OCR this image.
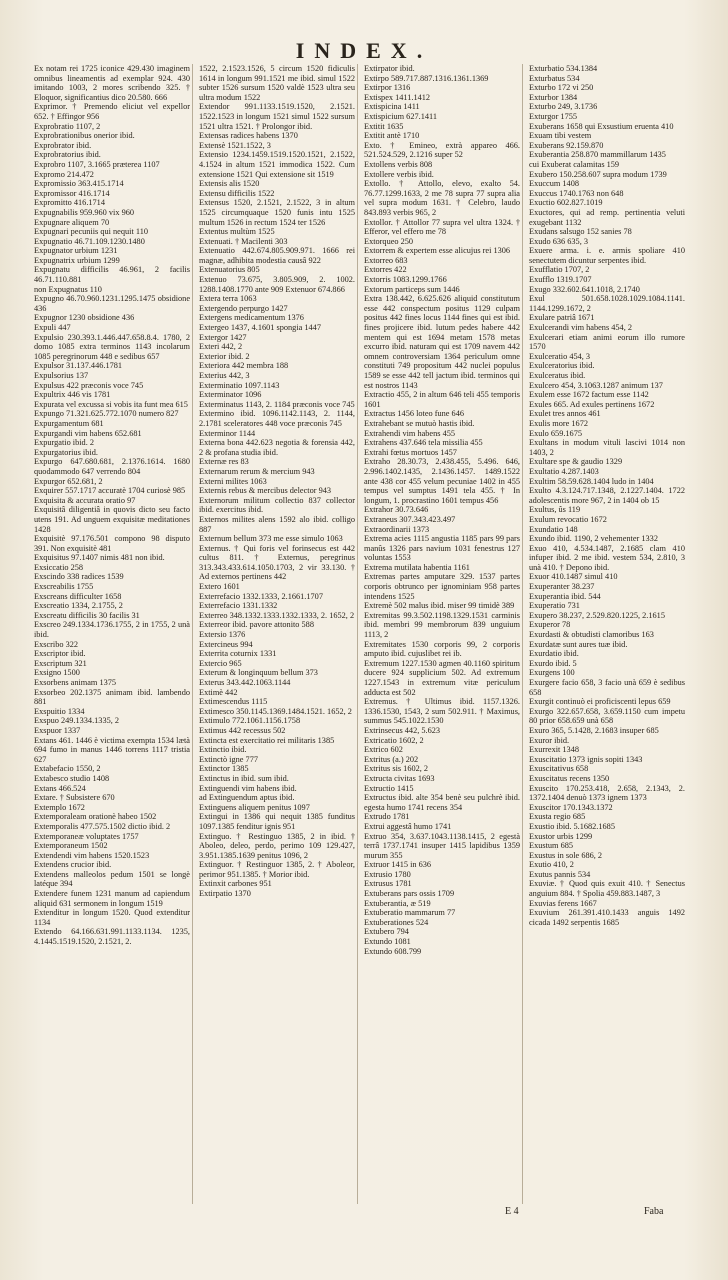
INDEX.

Ex notam rei 1725 iconice 429.430 imaginem omnibus lineamentis ad exemplar 924. 430 imitando 1003, 2 mores scribendo 325. † Eloquor, significantius dico 20.580. 666

Exprimor. † Premendo eliciut vel expellor 652. † Effingor 956

Exprobratio 1107, 2

Exprobrationibus onerior ibid.

Exprobrator ibid.

Exprobratorius ibid.

Exprobro 1107, 3.1665 præterea 1107

Expromo 214.472

Expromissio 363.415.1714

Expromissor 416.1714

Expromitto 416.1714

Expugnabilis 959.960 vix 960

Expugnare aliquem 70

Expugnari pecuniis qui nequit 110

Expugnatio 46.71.109.1230.1480

Expugnator urbium 1231

Expugnatrix urbium 1299

Expugnatu difficilis 46.961, 2 facilis 46.71.110.881

non Expugnatus 110

Expugno 46.70.960.1231.1295.1475 obsidione 436

Expugnor 1230 obsidione 436

Expuli 447

Expulsio 230.393.1.446.447.658.8.4. 1780, 2 domo 1085 extra terminos 1143 incolarum 1085 peregrinorum 448 e sedibus 657

Expulsor 31.137.446.1781

Expulsorius 137

Expulsus 422 præconis voce 745

Expultrix 446 vis 1781

Expurata vel excussa si vobis ita funt mea 615

Expungo 71.321.625.772.1070 numero 827

Expurgamentum 681

Expurgandi vim habens 652.681

Expurgatio ibid. 2

Expurgatorius ibid.

Expurgo 647.680.681, 2.1376.1614. 1680 quodammodo 647 verrendo 804

Expurgor 652.681, 2

Exquirer 557.1717 accuratè 1704 curiosè 985

Exquisita & accurata oratio 97

Exquisitâ diligentiâ in quovis dicto seu facto utens 191. Ad unguem exquisitæ meditationes 1428

Exquisitè 97.176.501 compono 98 disputo 391. Non exquisitè 481

Exquisitus 97.1407 nimis 481 non ibid.

Exsiccatio 258

Exscindo 338 radices 1539

Exscreabilis 1755

Exscreans difficulter 1658

Exscreatio 1334, 2.1755, 2

Exscreatu difficilis 30 facilis 31

Exscreo 249.1334.1736.1755, 2 in 1755, 2 unà ibid.

Exscribo 322

Exscriptor ibid.

Exscriptum 321

Exsigno 1500

Exsorbens animam 1375

Exsorbeo 202.1375 animam ibid. lambendo 881

Exspuitio 1334

Exspuo 249.1334.1335, 2

Exspuor 1337

Extans 461. 1446 è victima exempta 1534 lætà 694 fumo in manus 1446 torrens 1117 tristia 627

Extabefacio 1550, 2

Extabesco studio 1408

Extans 466.524

Extare. † Subsistere 670

Extemplo 1672

Extemporaleam orationè habeo 1502

Extemporalis 477.575.1502 dictio ibid. 2

Extemporaneæ voluptates 1757

Extemporaneum 1502

Extendendi vim habens 1520.1523

Extendens crucior ibid.

Extendens malleolos pedum 1501 se longè latéque 394

Extendere funem 1231 manum ad capiendum aliquid 631 sermonem in longum 1519

Extenditur in longum 1520. Quod extenditur 1134

Extendo 64.166.631.991.1133.1134. 1235, 4.1445.1519.1520, 2.1521, 2.

1522, 2.1523.1526, 5 circum 1520 fidiculis 1614 in longum 991.1521 me ibid. simul 1522 subter 1526 sursum 1520 valdè 1523 ultra seu ultra modum 1522

Extendor 991.1133.1519.1520, 2.1521. 1522.1523 in longum 1521 simul 1522 sursum 1521 ultra 1521. † Prolongor ibid.

Extensas radices habens 1370

Extensè 1521.1522, 3

Extensio 1234.1459.1519.1520.1521, 2.1522, 4.1524 in altum 1521 immodica 1522. Cum extensione 1521 Qui extensione sit 1519

Extensis alis 1520

Extensu difficilis 1522

Extensus 1520, 2.1521, 2.1522, 3 in altum 1525 circumquaque 1520 funis intu 1525 multum 1526 in rectum 1524 ter 1526

Extentus multùm 1525

Extenuati. † Macilenti 303

Extenuatio 442.674.805.909.971. 1666 rei magnæ, adhibita modestia causâ 922

Extenuatorius 805

Extenuo 73.675, 3.805.909, 2. 1002. 1288.1408.1770 ante 909 Extenuor 674.866

Extera terra 1063

Extergendo perpurgo 1427

Extergens medicamentum 1376

Extergeo 1437, 4.1601 spongia 1447

Extergor 1427

Exteri 442, 2

Exterior ibid. 2

Exteriora 442 membra 188

Exterius 442, 3

Exterminatio 1097.1143

Exterminator 1096

Exterminatus 1143, 2. 1184 præconis voce 745

Extermino ibid. 1096.1142.1143, 2. 1144, 2.1781 sceleratores 448 voce præconis 745

Exterminor 1144

Externa bona 442.623 negotia & forensia 442, 2 & profana studia ibid.

Externæ res 83

Externarum rerum & mercium 943

Externi milites 1063

Externis rebus & mercibus delector 943

Externorum militum collectio 837 collector ibid. exercitus ibid.

Externos milites alens 1592 alo ibid. colligo 887

Externum bellum 373 me esse simulo 1063

Externus. † Qui foris vel forinsecus est 442 cultus 811. † Externus, peregrinus 313.343.433.614.1050.1703, 2 vir 33.130. † Ad externos pertinens 442

Extero 1601

Exterrefacio 1332.1333, 2.1661.1707

Exterrefacio 1331.1332

Exterreo 348.1332.1333.1332.1333, 2. 1652, 2

Exterreor ibid. pavore attonito 588

Extersio 1376

Extercineus 994

Exterrita coturnix 1331

Extercio 965

Exterum & longinquum bellum 373

Exterus 343.442.1063.1144

Extimè 442

Extimescendus 1115

Extimesco 350.1145.1369.1484.1521. 1652, 2

Extimulo 772.1061.1156.1758

Extimus 442 recessus 502

Extincta est exercitatio rei militaris 1385

Extinctio ibid.

Extinctò igne 777

Extinctor 1385

Extinctus in ibid. sum ibid.

Extinguendi vim habens ibid.

ad Extinguendum aptus ibid.

Extinguens aliquem penitus 1097

Extingui in 1386 qui nequit 1385 funditus 1097.1385 fenditur ignis 951

Extinguo. † Restinguo 1385, 2 in ibid. † Aboleo, deleo, perdo, perimo 109 129.427, 3.951.1385.1639 penitus 1096, 2

Extinguor. † Restinguor 1385, 2. † Aboleor, perimor 951.1385. † Morior ibid.

Extinxit carbones 951

Extirpatio 1370

Extirpator ibid.

Extirpo 589.717.887.1316.1361.1369

Extirpor 1316

Extispex 1411.1412

Extispicina 1411

Extispicium 627.1411

Extitit 1635

Extitit antè 1710

Exto. † Emineo, extrà appareo 466. 521.524.529, 2.1216 super 52

Extollens verbis 808

Extollere verbis ibid.

Extollo. † Attollo, elevo, exalto 54. 76.77.1299.1633, 2 me 78 supra 77 supra alia vel supra modum 1631. † Celebro, laudo 843.893 verbis 965, 2

Extollor. † Attollor 77 supra vel ultra 1324. † Efferor, vel effero me 78

Extorqueo 250

Extorrem & expertem esse alicujus rei 1306

Extorreo 683

Extorres 422

Extorris 1083.1299.1766

Extorum particeps sum 1446

Extra 138.442, 6.625.626 aliquid constitutum esse 442 conspectum positus 1129 culpam positus 442 fines locus 1144 fines qui est ibid. fines projicere ibid. lutum pedes habere 442 mentem qui est 1694 metam 1578 metas excurro ibid. naturam qui est 1709 navem 442 omnem controversiam 1364 periculum omne constituti 749 propositum 442 nuclei populus 1589 se esse 442 tell jactum ibid. terminos qui est nostros 1143

Extractio 455, 2 in altum 646 teli 455 temporis 1601

Extractus 1456 loteo fune 646

Extrahebant se mutuò hastis ibid.

Extrahendi vim habens 455

Extrahens 437.646 tela missilia 455

Extrahi fœtus mortuos 1457

Extraho 28.30.73, 2.438.455, 5.496. 646, 2.996.1402.1435, 2.1436.1457. 1489.1522 ante 438 cor 455 velum pecuniae 1402 in 455 tempus vel sumptus 1491 tela 455. † In longum, 1. procrastino 1601 tempus 456

Extrahor 30.73.646

Extraneus 307.343.423.497

Extraordinarii 1373

Extrema acies 1115 angustia 1185 pars 99 pars manûs 1326 pars navium 1031 fenestrus 127 voluntas 1553

Extrema mutilata habentia 1161

Extremas partes amputare 329. 1537 partes corporis obtrunco per ignominiam 958 partes intendens 1525

Extremè 502 malus ibid. miser 99 timidè 389

Extremitas 99.3.502.1198.1329.1531 carminis ibid. membri 99 membrorum 839 unguium 1113, 2

Extremitates 1530 corporis 99, 2 corporis amputo ibid. cujuslibet rei ib.

Extremum 1227.1530 agmen 40.1160 spiritum ducere 924 supplicium 502. Ad extremum 1227.1543 in extremum vitæ periculum adducta est 502

Extremus. † Ultimus ibid. 1157.1326. 1336.1530, 1543, 2 sum 502.911. † Maximus, summus 545.1022.1530

Extrinsecus 442, 5.623

Extricatio 1602, 2

Extrico 602

Extritus (a.) 202

Extritus sis 1602, 2

Extructa civitas 1693

Extructio 1415

Extructus ibid. alte 354 benè seu pulchrè ibid. egesta humo 1741 recens 354

Extrudo 1781

Extrui aggestâ humo 1741

Extruo 354, 3.637.1043.1138.1415, 2 egestà terrâ 1737.1741 insuper 1415 lapidibus 1359 murum 355

Extruor 1415 in 636

Extrusio 1780

Extrusus 1781

Extuberans pars ossis 1709

Extuberantia, æ 519

Extuberatio mammarum 77

Extuberationes 524

Extubero 794

Extundo 1081

Extundo 608.799

Exturbatio 534.1384

Exturbatus 534

Exturbo 172 vi 250

Exturbor 1384

Exturbo 249, 3.1736

Exturgor 1755

Exuberans 1658 qui Exsustium eruenta 410

Exuam tibi vestem

Exuberans 92.159.870

Exuberantia 258.870 mammillarum 1435

cui Exuberat calamitas 159

Exubero 150.258.607 supra modum 1739

Exuccum 1408

Exuccus 1740.1763 non 648

Exuctio 602.827.1019

Exuctores, qui ad remp. pertinentia veluti exugebant 1132

Exudans salsugo 152 sanies 78

Exudo 636 635, 3

Exuere arma. i. e. armis spoliare 410 senectutem dicuntur serpentes ibid.

Exufflatio 1707, 2

Exufflo 1319.1707

Exugo 332.602.641.1018, 2.1740

Exul 501.658.1028.1029.1084.1141. 1144.1299.1672, 2

Exulare patriâ 1671

Exulcerandi vim habens 454, 2

Exulcerari etiam animi eorum illo rumore 1570

Exulceratio 454, 3

Exulceratorius ibid.

Exulceratus ibid.

Exulcero 454, 3.1063.1287 animum 137

Exulem esse 1672 factum esse 1142

Exules 665. Ad exules pertinens 1672

Exulet tres annos 461

Exulis more 1672

Exulo 659.1675

Exultans in modum vituli lascivi 1014 non 1403, 2

Exultare spe & gaudio 1329

Exultatio 4.287.1403

Exultim 58.59.628.1404 ludo in 1404

Exulto 4.3.124.717.1348, 2.1227.1404. 1722 adolescentis more 967, 2 in 1404 ob 15

Exultus, ûs 119

Exulum revocatio 1672

Exundatio 148

Exundo ibid. 1190, 2 vehementer 1332

Exuo 410, 4.534.1487, 2.1685 clam 410 infuper ibid. 2 me ibid. vestem 534, 2.810, 3 unà 410. † Depono ibid.

Exuor 410.1487 simul 410

Exuperanter 38.237

Exuperantia ibid. 544

Exuperatio 731

Exupero 38.237, 2.529.820.1225, 2.1615

Exuperor 78

Exurdasti & obtudisti clamoribus 163

Exurdatæ sunt aures tuæ ibid.

Exurdatio ibid.

Exurdo ibid. 5

Exurgens 100

Exurgere facio 658, 3 facio unà 659 è sedibus 658

Exurgit continuò ei proficiscenti lepus 659

Exurgo 322.657.658, 3.659.1150 cum impetu 80 prior 658.659 unà 658

Exuro 365, 5.1428, 2.1683 insuper 685

Exuror ibid.

Exurrexit 1348

Exuscitatio 1373 ignis sopiti 1343

Exuscitativus 658

Exuscitatus recens 1350

Exuscito 170.253.418, 2.658, 2.1343, 2. 1372.1404 denuò 1373 ignem 1373

Exuscitor 170.1343.1372

Exusta regio 685

Exustio ibid. 5.1682.1685

Exustor urbis 1299

Exustum 685

Exustus in sole 686, 2

Exutio 410, 2

Exutus pannis 534

Exuviæ. † Quod quis exuit 410. † Senectus anguium 884. † Spolia 459.883.1487, 3

Exuvias ferens 1667

Exuvium 261.391.410.1433 anguis 1492 cicada 1492 serpentis 1685

E 4	Faba
